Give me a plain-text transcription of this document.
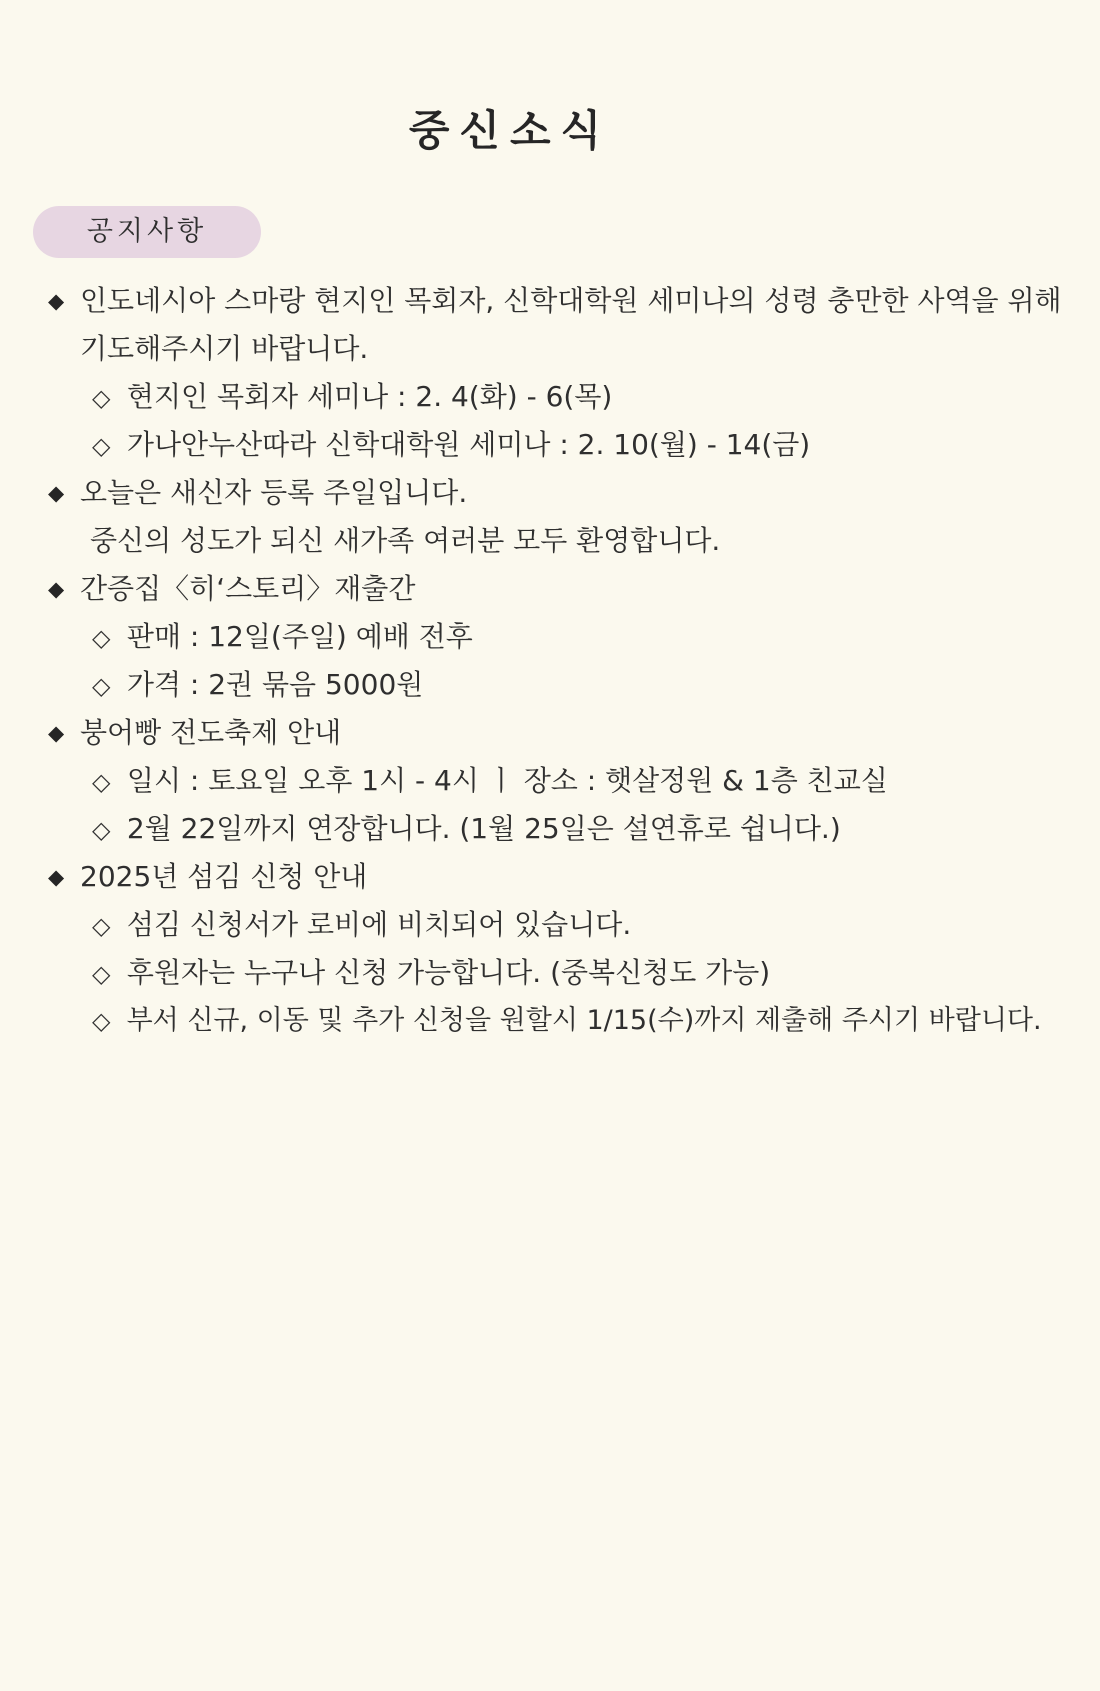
중신소식
공지사항
◆ 인도네시아 스마랑 현지인 목회자, 신학대학원 세미나의 성령 충만한 사역을 위해
기도해주시기 바랍니다.
◇ 현지인 목회자 세미나 : 2. 4(화) - 6(목)
◇ 가나안누산따라 신학대학원 세미나 : 2. 10(월) - 14(금)
◆ 오늘은 새신자 등록 주일입니다.
중신의 성도가 되신 새가족 여러분 모두 환영합니다.
◆ 간증집〈히‘스토리〉재출간
◇ 판매 : 12일(주일) 예배 전후
◇ 가격 : 2권 묶음 5000원
◆ 붕어빵 전도축제 안내
◇ 일시 : 토요일 오후 1시 - 4시 ㅣ 장소 : 햇살정원 & 1층 친교실
◇ 2월 22일까지 연장합니다. (1월 25일은 설연휴로 쉽니다.)
◆ 2025년 섬김 신청 안내
◇ 섬김 신청서가 로비에 비치되어 있습니다.
◇ 후원자는 누구나 신청 가능합니다. (중복신청도 가능)
◇ 부서 신규, 이동 및 추가 신청을 원할시 1/15(수)까지 제출해 주시기 바랍니다.
